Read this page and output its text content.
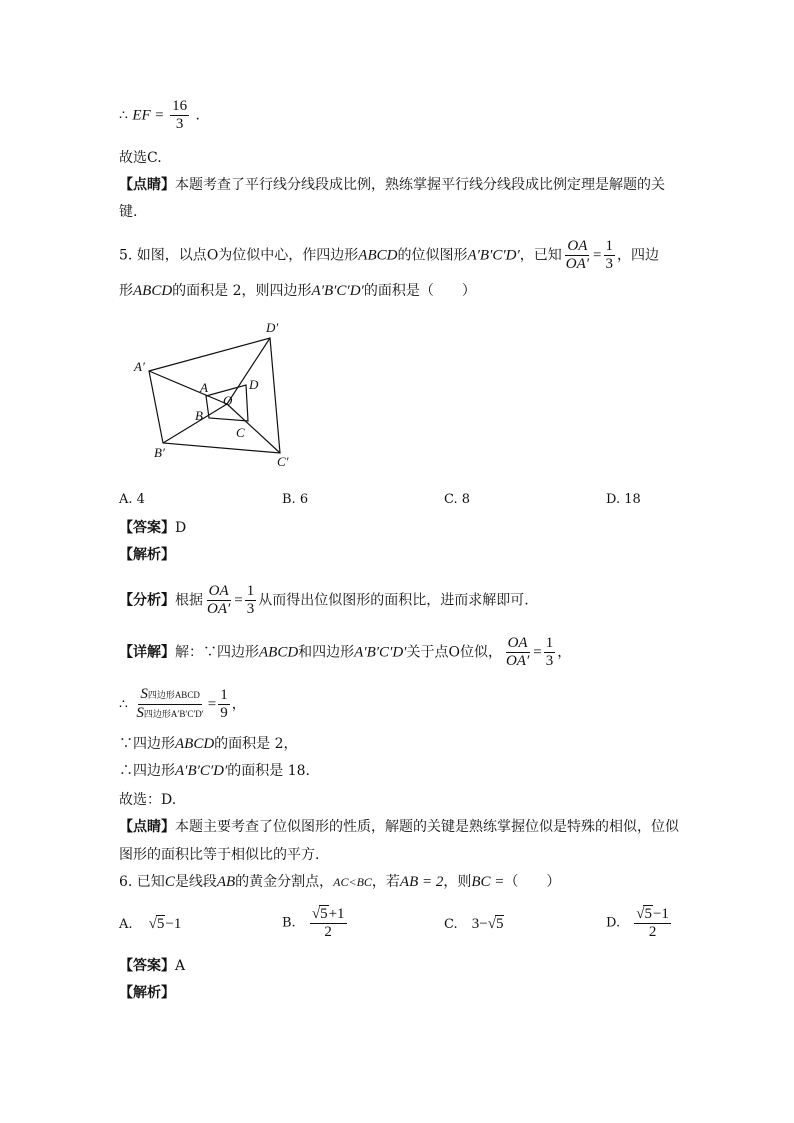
∴ EF = $\frac{16}{3}$ .
故选C.
【点睛】本题考查了平行线分线段成比例，熟练掌握平行线分线段成比例定理是解题的关
键.
5. 如图，以点O为位似中心，作四边形ABCD的位似图形A′B′C′D′，已知 $\frac{OA}{OA'} = \frac{1}{3}$ ，四边
形ABCD的面积是 2，则四边形A′B′C′D′的面积是（　　）
A′
D′
B′
C′
A	D
O
B
C
A. 4	B. 6	C. 8	D. 18
【答案】D
【解析】
【分析】根据 $\frac{OA}{OA'} = \frac{1}{3}$ 从而得出位似图形的面积比，进而求解即可.
【详解】解：∵四边形ABCD和四边形A′B′C′D′关于点O位似， $\frac{OA}{OA'} = \frac{1}{3}$ ，
∴ $\frac{\text{S四边形ABCD}}{\text{S四边形A′B′C′D′}} = \frac{1}{9}$ ，
∵四边形ABCD的面积是 2，
∴四边形A′B′C′D′的面积是 18.
故选：D.
【点睛】本题主要考查了位似图形的性质，解题的关键是熟练掌握位似是特殊的相似，位似
图形的面积比等于相似比的平方.
6. 已知C是线段AB的黄金分割点，AC<BC，若AB = 2，则BC =（　　）
A. √5−1	B. $\frac{√5+1}{2}$	C. 3−√5	D. $\frac{√5-1}{2}$
【答案】A
【解析】
